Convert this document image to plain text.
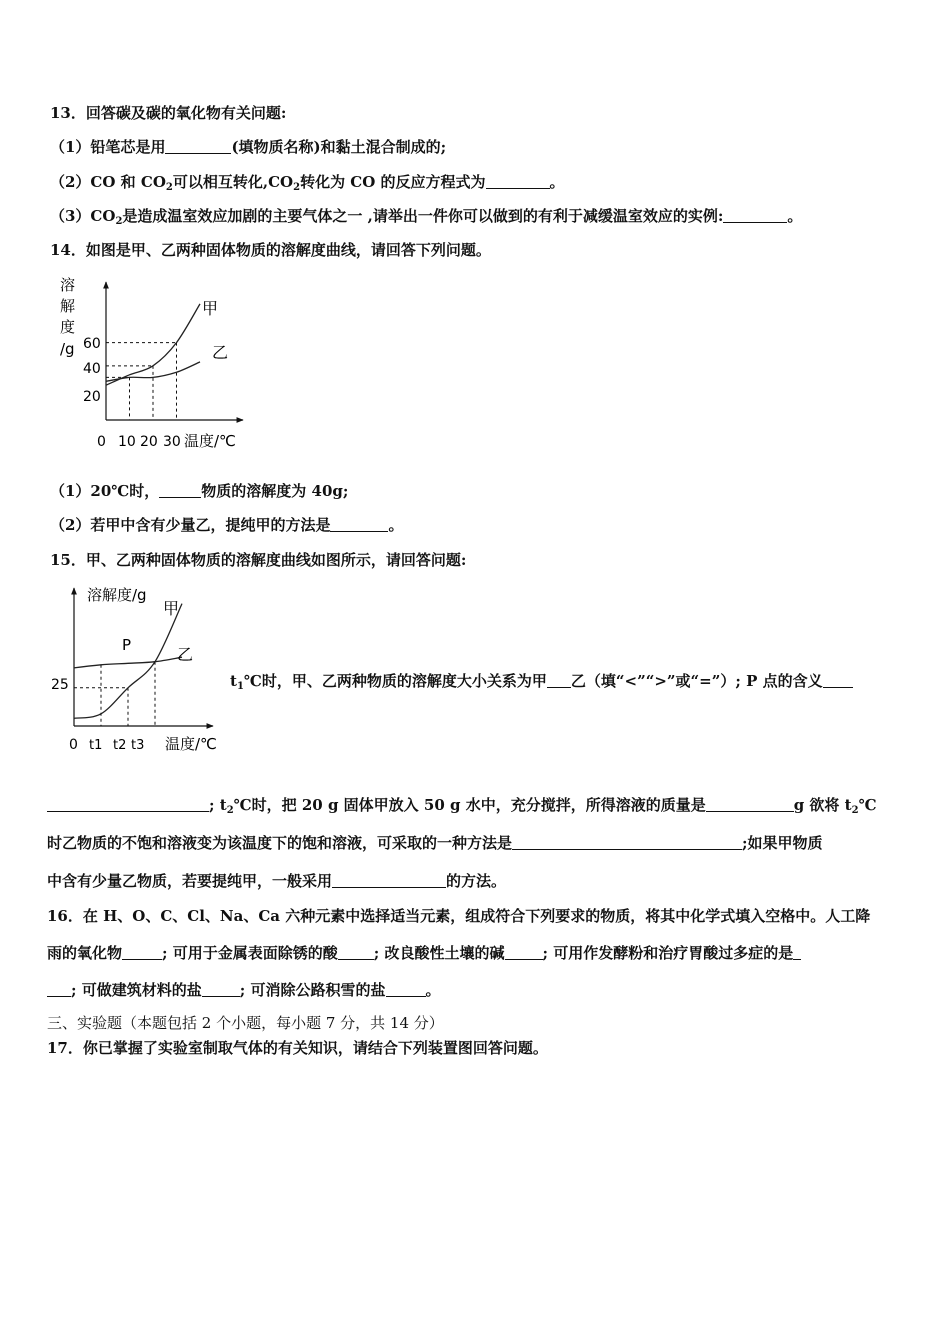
13．回答碳及碳的氧化物有关问题:
（1）铅笔芯是用	(填物质名称)和黏土混合制成的;
（2）CO 和 $CO_2$可以相互转化$,CO_2$转化为 CO 的反应方程式为	。
$(3)CO_2$是造成温室效应加剧的主要气体之一 ,请举出一件你可以做到的有利于减缓温室效应的实例:	。
14．如图是甲、乙两种固体物质的溶解度曲线，请回答下列问题。
溶
解
度
/g 60
40
20
0 10 20 30 温度/℃
甲
乙
（1）20℃时，	物质的溶解度为 40g;
（2）若甲中含有少量乙，提纯甲的方法是	。
15．甲、乙两种固体物质的溶解度曲线如图所示，请回答问题:
溶解度/g
25
0 t1 t2 t3 温度/℃
P
甲
乙
$t_1℃$时，甲、乙两种物质的溶解度大小关系为甲 乙（填“<”“>”或“=”）; P 点的含义
; $t_2℃$时，把 20 g 固体甲放入 50 g 水中，充分搅拌，所得溶液的质量是	g 欲将 $t_2℃$
时乙物质的不饱和溶液变为该温度下的饱和溶液，可采取的一种方法是	;如果甲物质
中含有少量乙物质，若要提纯甲，一般采用	的方法。
16．在 H、O、C、Cl、Na、Ca 六种元素中选择适当元素，组成符合下列要求的物质，将其中化学式填入空格中。人工降
雨的氧化物	; 可用于金属表面除锈的酸 ; 改良酸性土壤的碱	; 可用作发酵粉和治疗胃酸过多症的是
; 可做建筑材料的盐	; 可消除公路积雪的盐	。
三、实验题（本题包括 2 个小题，每小题 7 分，共 14 分）
17．你已掌握了实验室制取气体的有关知识，请结合下列装置图回答问题。
